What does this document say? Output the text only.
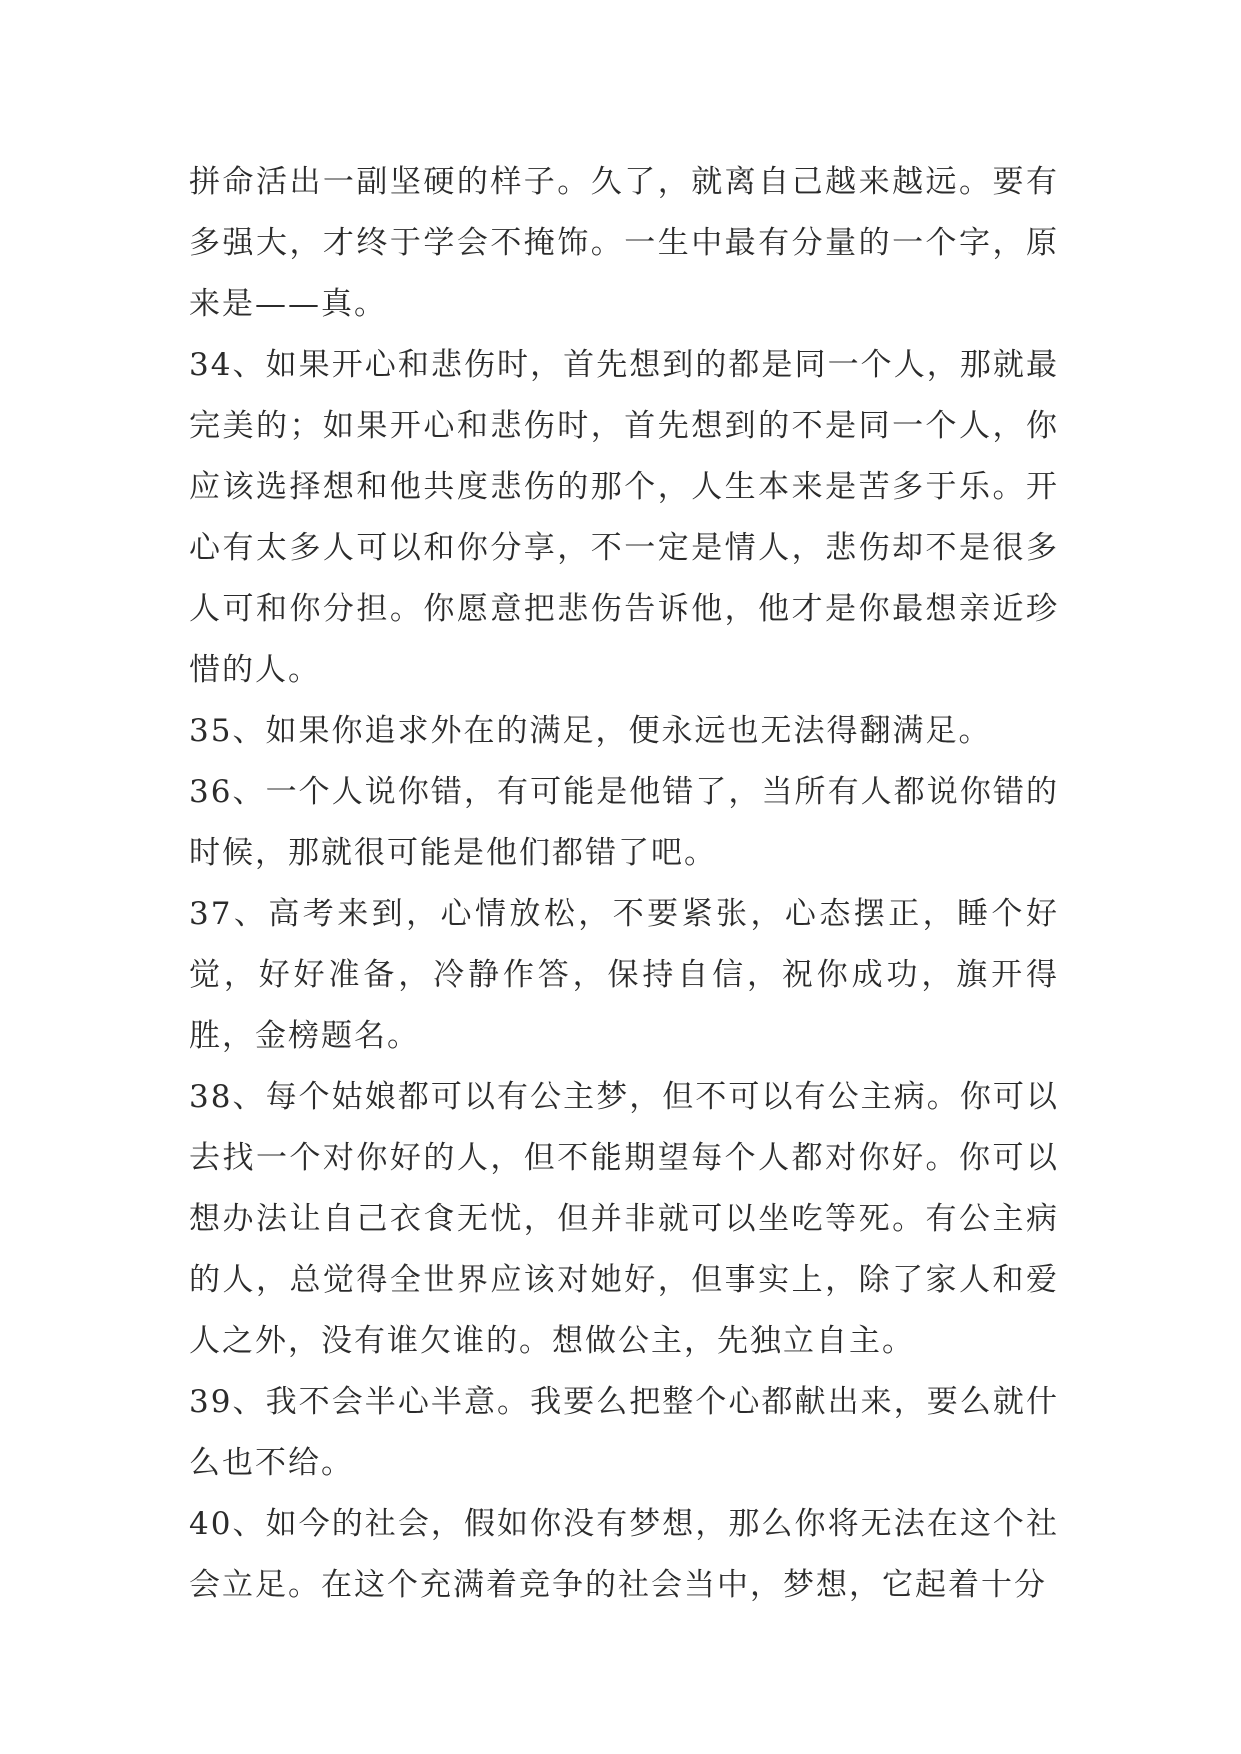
拼命活出一副坚硬的样子。久了，就离自己越来越远。要有多强大，才终于学会不掩饰。一生中最有分量的一个字，原来是——真。

34、如果开心和悲伤时，首先想到的都是同一个人，那就最完美的；如果开心和悲伤时，首先想到的不是同一个人，你应该选择想和他共度悲伤的那个，人生本来是苦多于乐。开心有太多人可以和你分享，不一定是情人，悲伤却不是很多人可和你分担。你愿意把悲伤告诉他，他才是你最想亲近珍惜的人。

35、如果你追求外在的满足，便永远也无法得翻满足。

36、一个人说你错，有可能是他错了，当所有人都说你错的时候，那就很可能是他们都错了吧。

37、高考来到，心情放松，不要紧张，心态摆正，睡个好觉，好好准备，冷静作答，保持自信，祝你成功，旗开得胜，金榜题名。

38、每个姑娘都可以有公主梦，但不可以有公主病。你可以去找一个对你好的人，但不能期望每个人都对你好。你可以想办法让自己衣食无忧，但并非就可以坐吃等死。有公主病的人，总觉得全世界应该对她好，但事实上，除了家人和爱人之外，没有谁欠谁的。想做公主，先独立自主。

39、我不会半心半意。我要么把整个心都献出来，要么就什么也不给。

40、如今的社会，假如你没有梦想，那么你将无法在这个社会立足。在这个充满着竞争的社会当中，梦想，它起着十分
